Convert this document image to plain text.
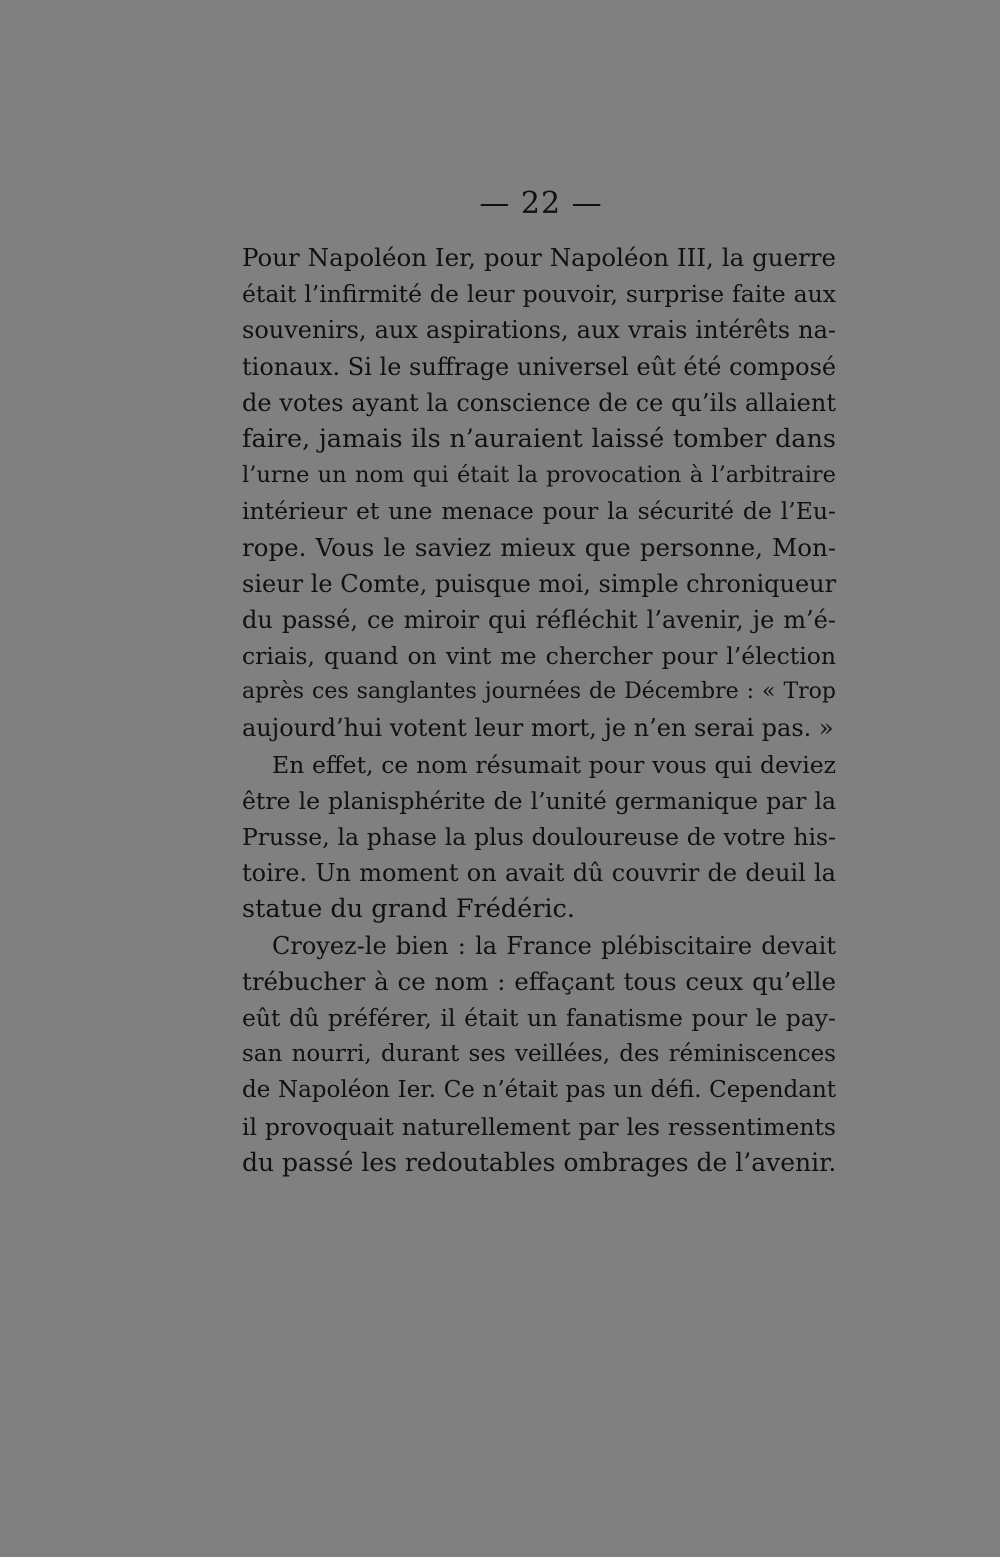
— 22 —
Pour Napoléon Ier, pour Napoléon III, la guerre
était l’infirmité de leur pouvoir, surprise faite aux
souvenirs, aux aspirations, aux vrais intérêts na-
tionaux. Si le suffrage universel eût été composé
de votes ayant la conscience de ce qu’ils allaient
faire, jamais ils n’auraient laissé tomber dans
l’urne un nom qui était la provocation à l’arbitraire
intérieur et une menace pour la sécurité de l’Eu-
rope. Vous le saviez mieux que personne, Mon-
sieur le Comte, puisque moi, simple chroniqueur
du passé, ce miroir qui réfléchit l’avenir, je m’é-
criais, quand on vint me chercher pour l’élection
après ces sanglantes journées de Décembre : « Trop
aujourd’hui votent leur mort, je n’en serai pas. »
En effet, ce nom résumait pour vous qui deviez
être le planisphérite de l’unité germanique par la
Prusse, la phase la plus douloureuse de votre his-
toire. Un moment on avait dû couvrir de deuil la
statue du grand Frédéric.
Croyez-le bien : la France plébiscitaire devait
trébucher à ce nom : effaçant tous ceux qu’elle
eût dû préférer, il était un fanatisme pour le pay-
san nourri, durant ses veillées, des réminiscences
de Napoléon Ier. Ce n’était pas un défi. Cependant
il provoquait naturellement par les ressentiments
du passé les redoutables ombrages de l’avenir.
